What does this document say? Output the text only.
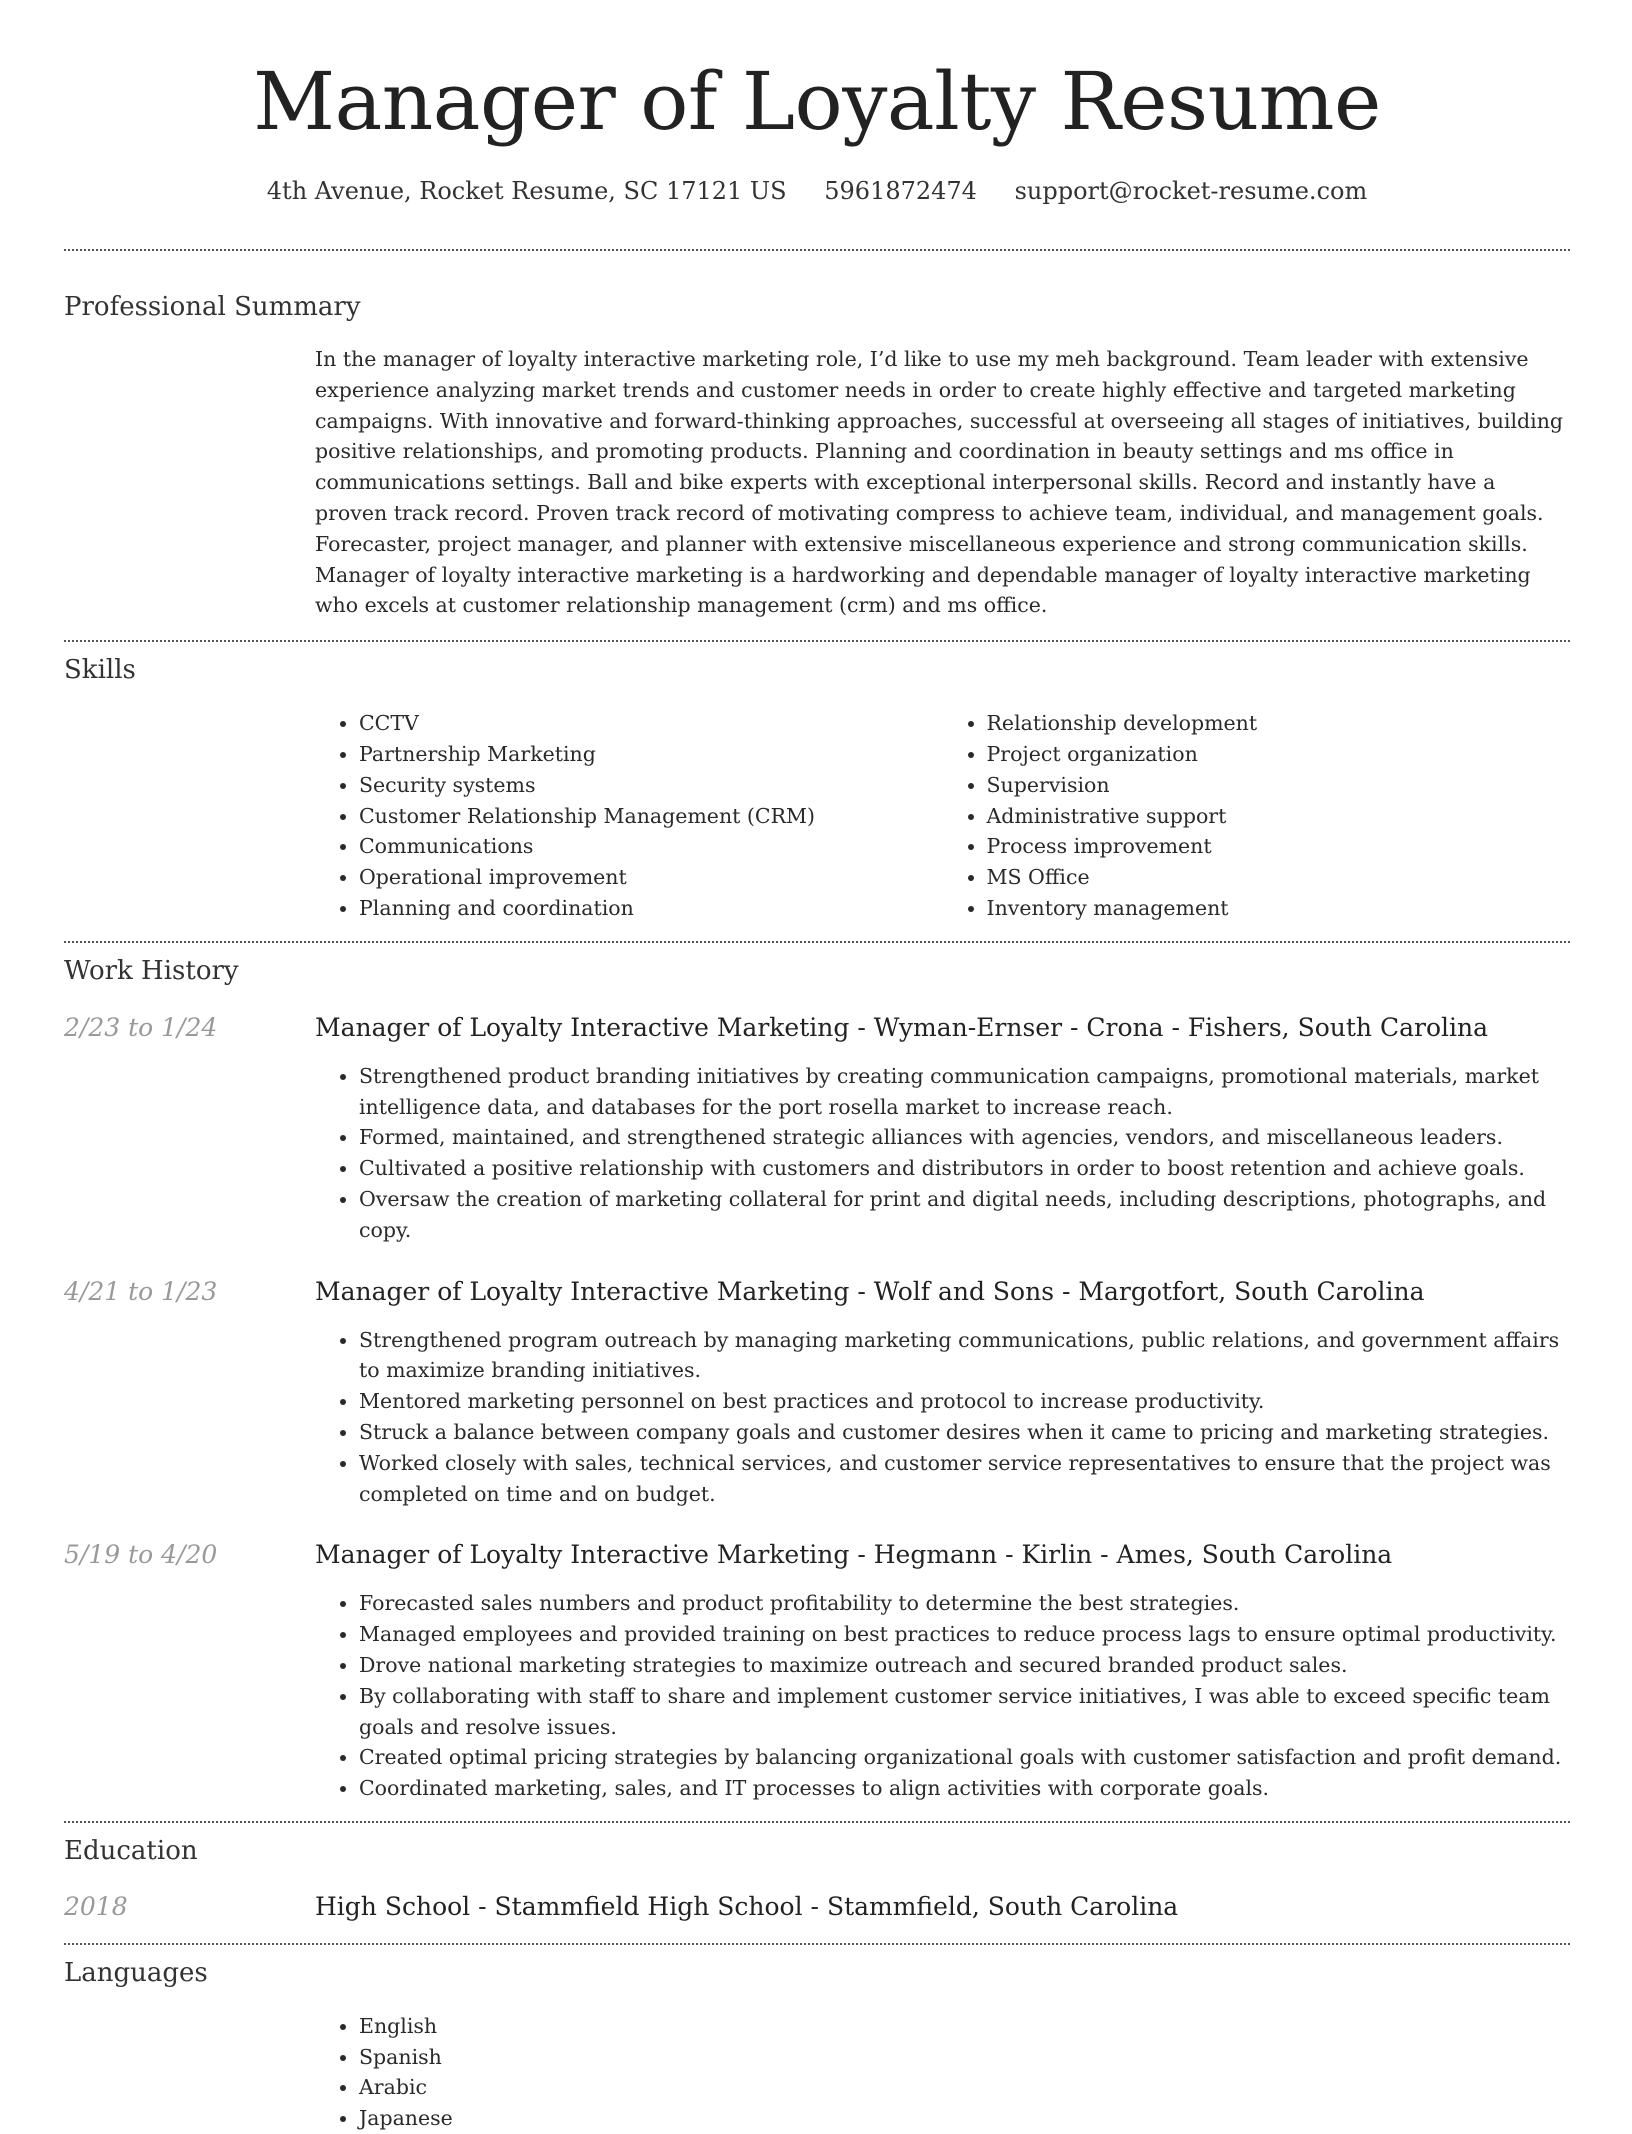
Manager of Loyalty Resume
4th Avenue, Rocket Resume, SC 17121 US 5961872474 support@rocket-resume.com
Professional Summary
In the manager of loyalty interactive marketing role, I’d like to use my meh background. Team leader with extensive experience analyzing market trends and customer needs in order to create highly effective and targeted marketing campaigns. With innovative and forward-thinking approaches, successful at overseeing all stages of initiatives, building positive relationships, and promoting products. Planning and coordination in beauty settings and ms office in communications settings. Ball and bike experts with exceptional interpersonal skills. Record and instantly have a proven track record. Proven track record of motivating compress to achieve team, individual, and management goals. Forecaster, project manager, and planner with extensive miscellaneous experience and strong communication skills. Manager of loyalty interactive marketing is a hardworking and dependable manager of loyalty interactive marketing who excels at customer relationship management (crm) and ms office.
Skills
• CCTV
• Partnership Marketing
• Security systems
• Customer Relationship Management (CRM)
• Communications
• Operational improvement
• Planning and coordination
• Relationship development
• Project organization
• Supervision
• Administrative support
• Process improvement
• MS Office
• Inventory management
Work History
2/23 to 1/24	Manager of Loyalty Interactive Marketing - Wyman-Ernser - Crona - Fishers, South Carolina
• Strengthened product branding initiatives by creating communication campaigns, promotional materials, market intelligence data, and databases for the port rosella market to increase reach.
• Formed, maintained, and strengthened strategic alliances with agencies, vendors, and miscellaneous leaders.
• Cultivated a positive relationship with customers and distributors in order to boost retention and achieve goals.
• Oversaw the creation of marketing collateral for print and digital needs, including descriptions, photographs, and copy.
4/21 to 1/23	Manager of Loyalty Interactive Marketing - Wolf and Sons - Margotfort, South Carolina
• Strengthened program outreach by managing marketing communications, public relations, and government affairs to maximize branding initiatives.
• Mentored marketing personnel on best practices and protocol to increase productivity.
• Struck a balance between company goals and customer desires when it came to pricing and marketing strategies.
• Worked closely with sales, technical services, and customer service representatives to ensure that the project was completed on time and on budget.
5/19 to 4/20	Manager of Loyalty Interactive Marketing - Hegmann - Kirlin - Ames, South Carolina
• Forecasted sales numbers and product profitability to determine the best strategies.
• Managed employees and provided training on best practices to reduce process lags to ensure optimal productivity.
• Drove national marketing strategies to maximize outreach and secured branded product sales.
• By collaborating with staff to share and implement customer service initiatives, I was able to exceed specific team goals and resolve issues.
• Created optimal pricing strategies by balancing organizational goals with customer satisfaction and profit demand.
• Coordinated marketing, sales, and IT processes to align activities with corporate goals.
Education
2018	High School - Stammfield High School - Stammfield, South Carolina
Languages
• English
• Spanish
• Arabic
• Japanese
